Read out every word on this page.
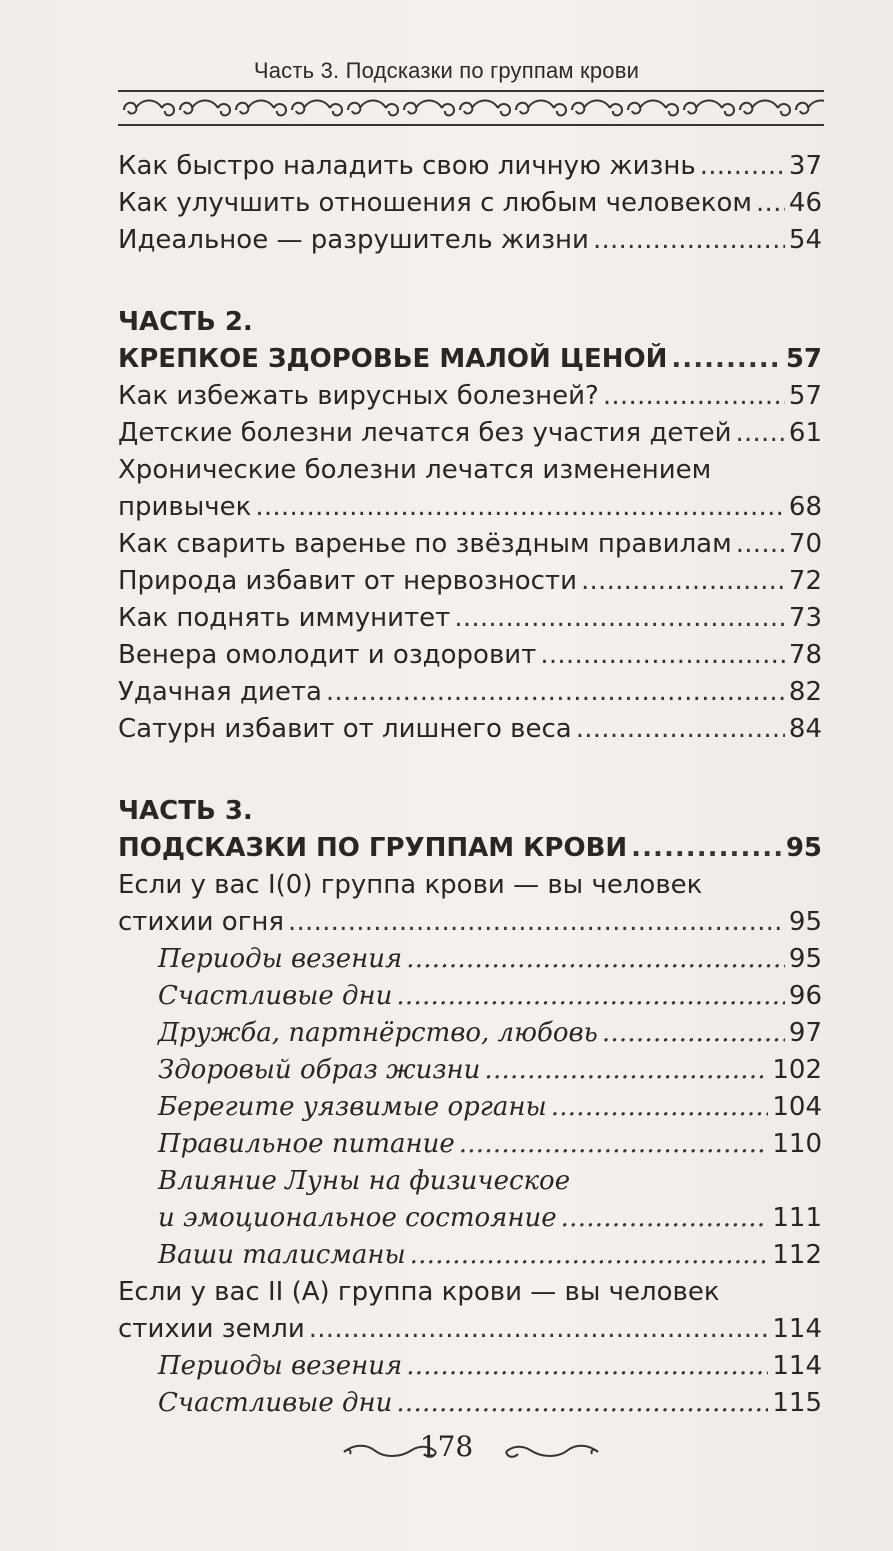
Часть 3. Подсказки по группам крови
Как быстро наладить свою личную жизнь . . .	37
Как улучшить отношения с любым человеком . . . 46
Идеальное — разрушитель жизни . . .	54
ЧАСТЬ 2.
КРЕПКОЕ ЗДОРОВЬЕ МАЛОЙ ЦЕНОЙ . . .	57
Как избежать вирусных болезней? . . .	57
Детские болезни лечатся без участия детей . . . 61
Хронические болезни лечатся изменением
привычек . . .	68
Как сварить варенье по звёздным правилам . . . 70
Природа избавит от нервозности . . .	72
Как поднять иммунитет . . .	73
Венера омолодит и оздоровит . . .	78
Удачная диета . . .	82
Сатурн избавит от лишнего веса . . .	84
ЧАСТЬ 3.
ПОДСКАЗКИ ПО ГРУППАМ КРОВИ . . .	95
Если у вас I(0) группа крови — вы человек
стихии огня . . .	95
Периоды везения . . .	95
Счастливые дни . . .	96
Дружба, партнёрство, любовь . . .	97
Здоровый образ жизни . . .	102
Берегите уязвимые органы . . .	104
Правильное питание . . .	110
Влияние Луны на физическое
и эмоциональное состояние . . .	111
Ваши талисманы . . .	112
Если у вас II (А) группа крови — вы человек
стихии земли . . .	114
Периоды везения . . .	114
Счастливые дни . . .	115
178
